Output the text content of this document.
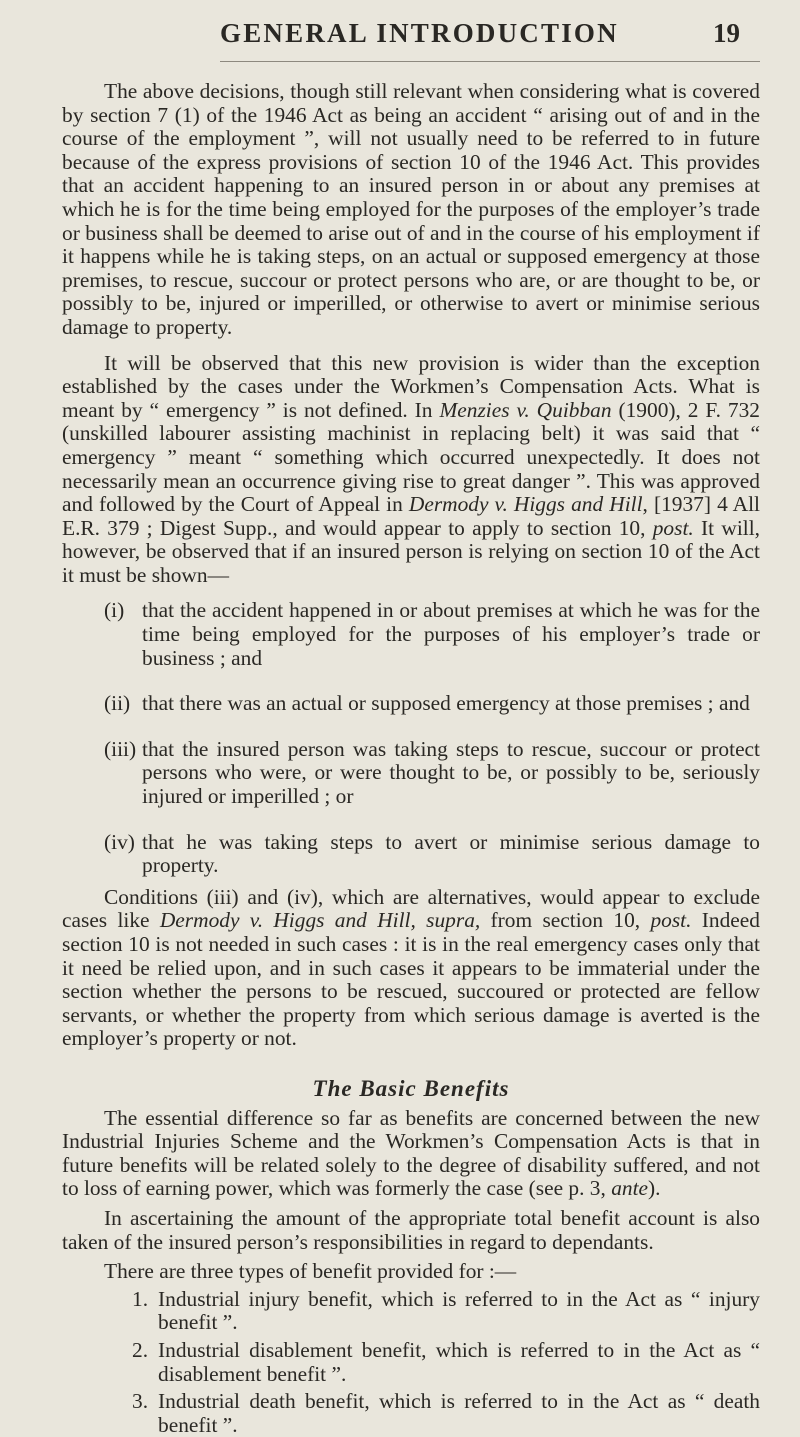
GENERAL INTRODUCTION	19

The above decisions, though still relevant when considering what is covered by section 7 (1) of the 1946 Act as being an accident “ arising out of and in the course of the employment ”, will not usually need to be referred to in future because of the express provisions of section 10 of the 1946 Act. This provides that an accident happening to an insured person in or about any premises at which he is for the time being employed for the purposes of the employer’s trade or business shall be deemed to arise out of and in the course of his employment if it happens while he is taking steps, on an actual or supposed emergency at those premises, to rescue, succour or protect persons who are, or are thought to be, or possibly to be, injured or imperilled, or otherwise to avert or minimise serious damage to property.

It will be observed that this new provision is wider than the exception established by the cases under the Workmen’s Compensation Acts. What is meant by “ emergency ” is not defined. In Menzies v. Quibban (1900), 2 F. 732 (unskilled labourer assisting machinist in replacing belt) it was said that “ emergency ” meant “ something which occurred unexpectedly. It does not necessarily mean an occurrence giving rise to great danger ”. This was approved and followed by the Court of Appeal in Dermody v. Higgs and Hill, [1937] 4 All E.R. 379 ; Digest Supp., and would appear to apply to section 10, post. It will, however, be observed that if an insured person is relying on section 10 of the Act it must be shown—

(i) that the accident happened in or about premises at which he was for the time being employed for the purposes of his employer’s trade or business ; and
(ii) that there was an actual or supposed emergency at those premises ; and
(iii) that the insured person was taking steps to rescue, succour or protect persons who were, or were thought to be, or possibly to be, seriously injured or imperilled ; or
(iv) that he was taking steps to avert or minimise serious damage to property.

Conditions (iii) and (iv), which are alternatives, would appear to exclude cases like Dermody v. Higgs and Hill, supra, from section 10, post. Indeed section 10 is not needed in such cases : it is in the real emergency cases only that it need be relied upon, and in such cases it appears to be immaterial under the section whether the persons to be rescued, succoured or protected are fellow servants, or whether the property from which serious damage is averted is the employer’s property or not.

The Basic Benefits

The essential difference so far as benefits are concerned between the new Industrial Injuries Scheme and the Workmen’s Compensation Acts is that in future benefits will be related solely to the degree of disability suffered, and not to loss of earning power, which was formerly the case (see p. 3, ante).

In ascertaining the amount of the appropriate total benefit account is also taken of the insured person’s responsibilities in regard to dependants.

There are three types of benefit provided for :—

1. Industrial injury benefit, which is referred to in the Act as “ injury benefit ”.
2. Industrial disablement benefit, which is referred to in the Act as “ disablement benefit ”.
3. Industrial death benefit, which is referred to in the Act as “ death benefit ”.
